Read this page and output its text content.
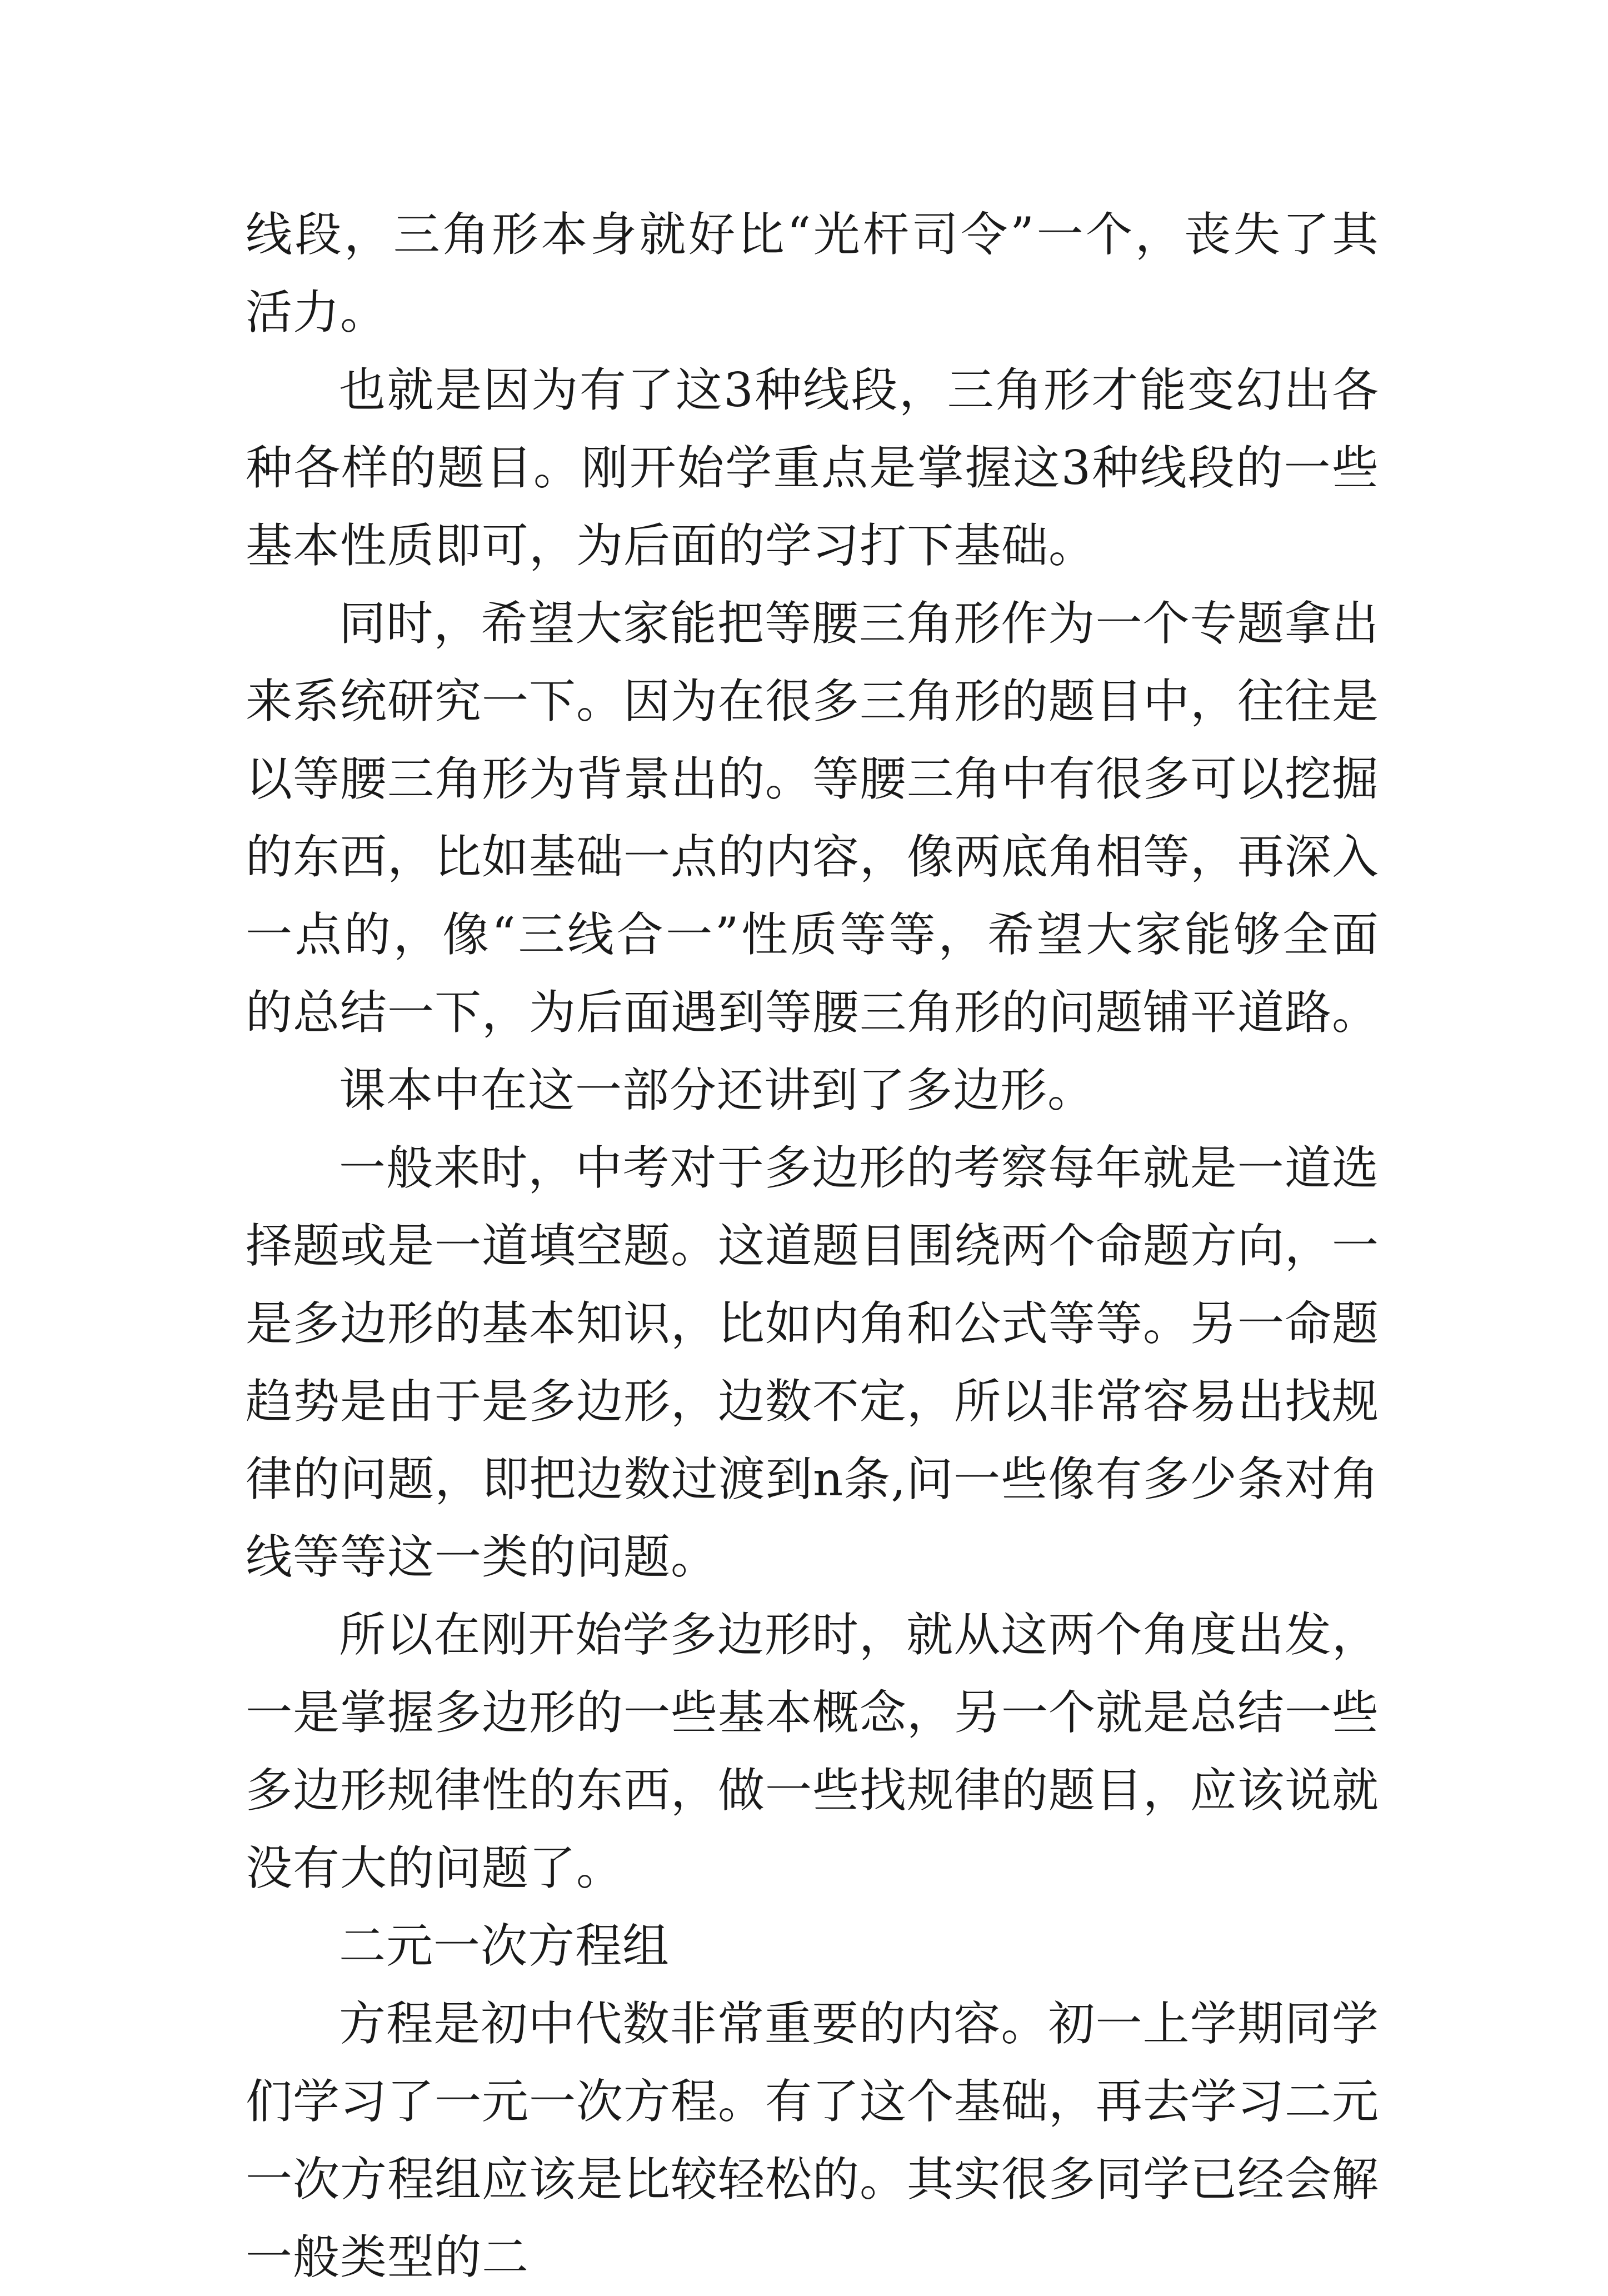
线段，三角形本身就好比“光杆司令”一个，丧失了其活力。

也就是因为有了这3种线段，三角形才能变幻出各种各样的题目。刚开始学重点是掌握这3种线段的一些基本性质即可，为后面的学习打下基础。

同时，希望大家能把等腰三角形作为一个专题拿出来系统研究一下。因为在很多三角形的题目中，往往是以等腰三角形为背景出的。等腰三角中有很多可以挖掘的东西，比如基础一点的内容，像两底角相等，再深入一点的，像“三线合一”性质等等，希望大家能够全面的总结一下，为后面遇到等腰三角形的问题铺平道路。

课本中在这一部分还讲到了多边形。

一般来时，中考对于多边形的考察每年就是一道选择题或是一道填空题。这道题目围绕两个命题方向，一是多边形的基本知识，比如内角和公式等等。另一命题趋势是由于是多边形，边数不定，所以非常容易出找规律的问题，即把边数过渡到n条,问一些像有多少条对角线等等这一类的问题。

所以在刚开始学多边形时，就从这两个角度出发，一是掌握多边形的一些基本概念，另一个就是总结一些多边形规律性的东西，做一些找规律的题目，应该说就没有大的问题了。

二元一次方程组

方程是初中代数非常重要的内容。初一上学期同学们学习了一元一次方程。有了这个基础，再去学习二元一次方程组应该是比较轻松的。其实很多同学已经会解一般类型的二
